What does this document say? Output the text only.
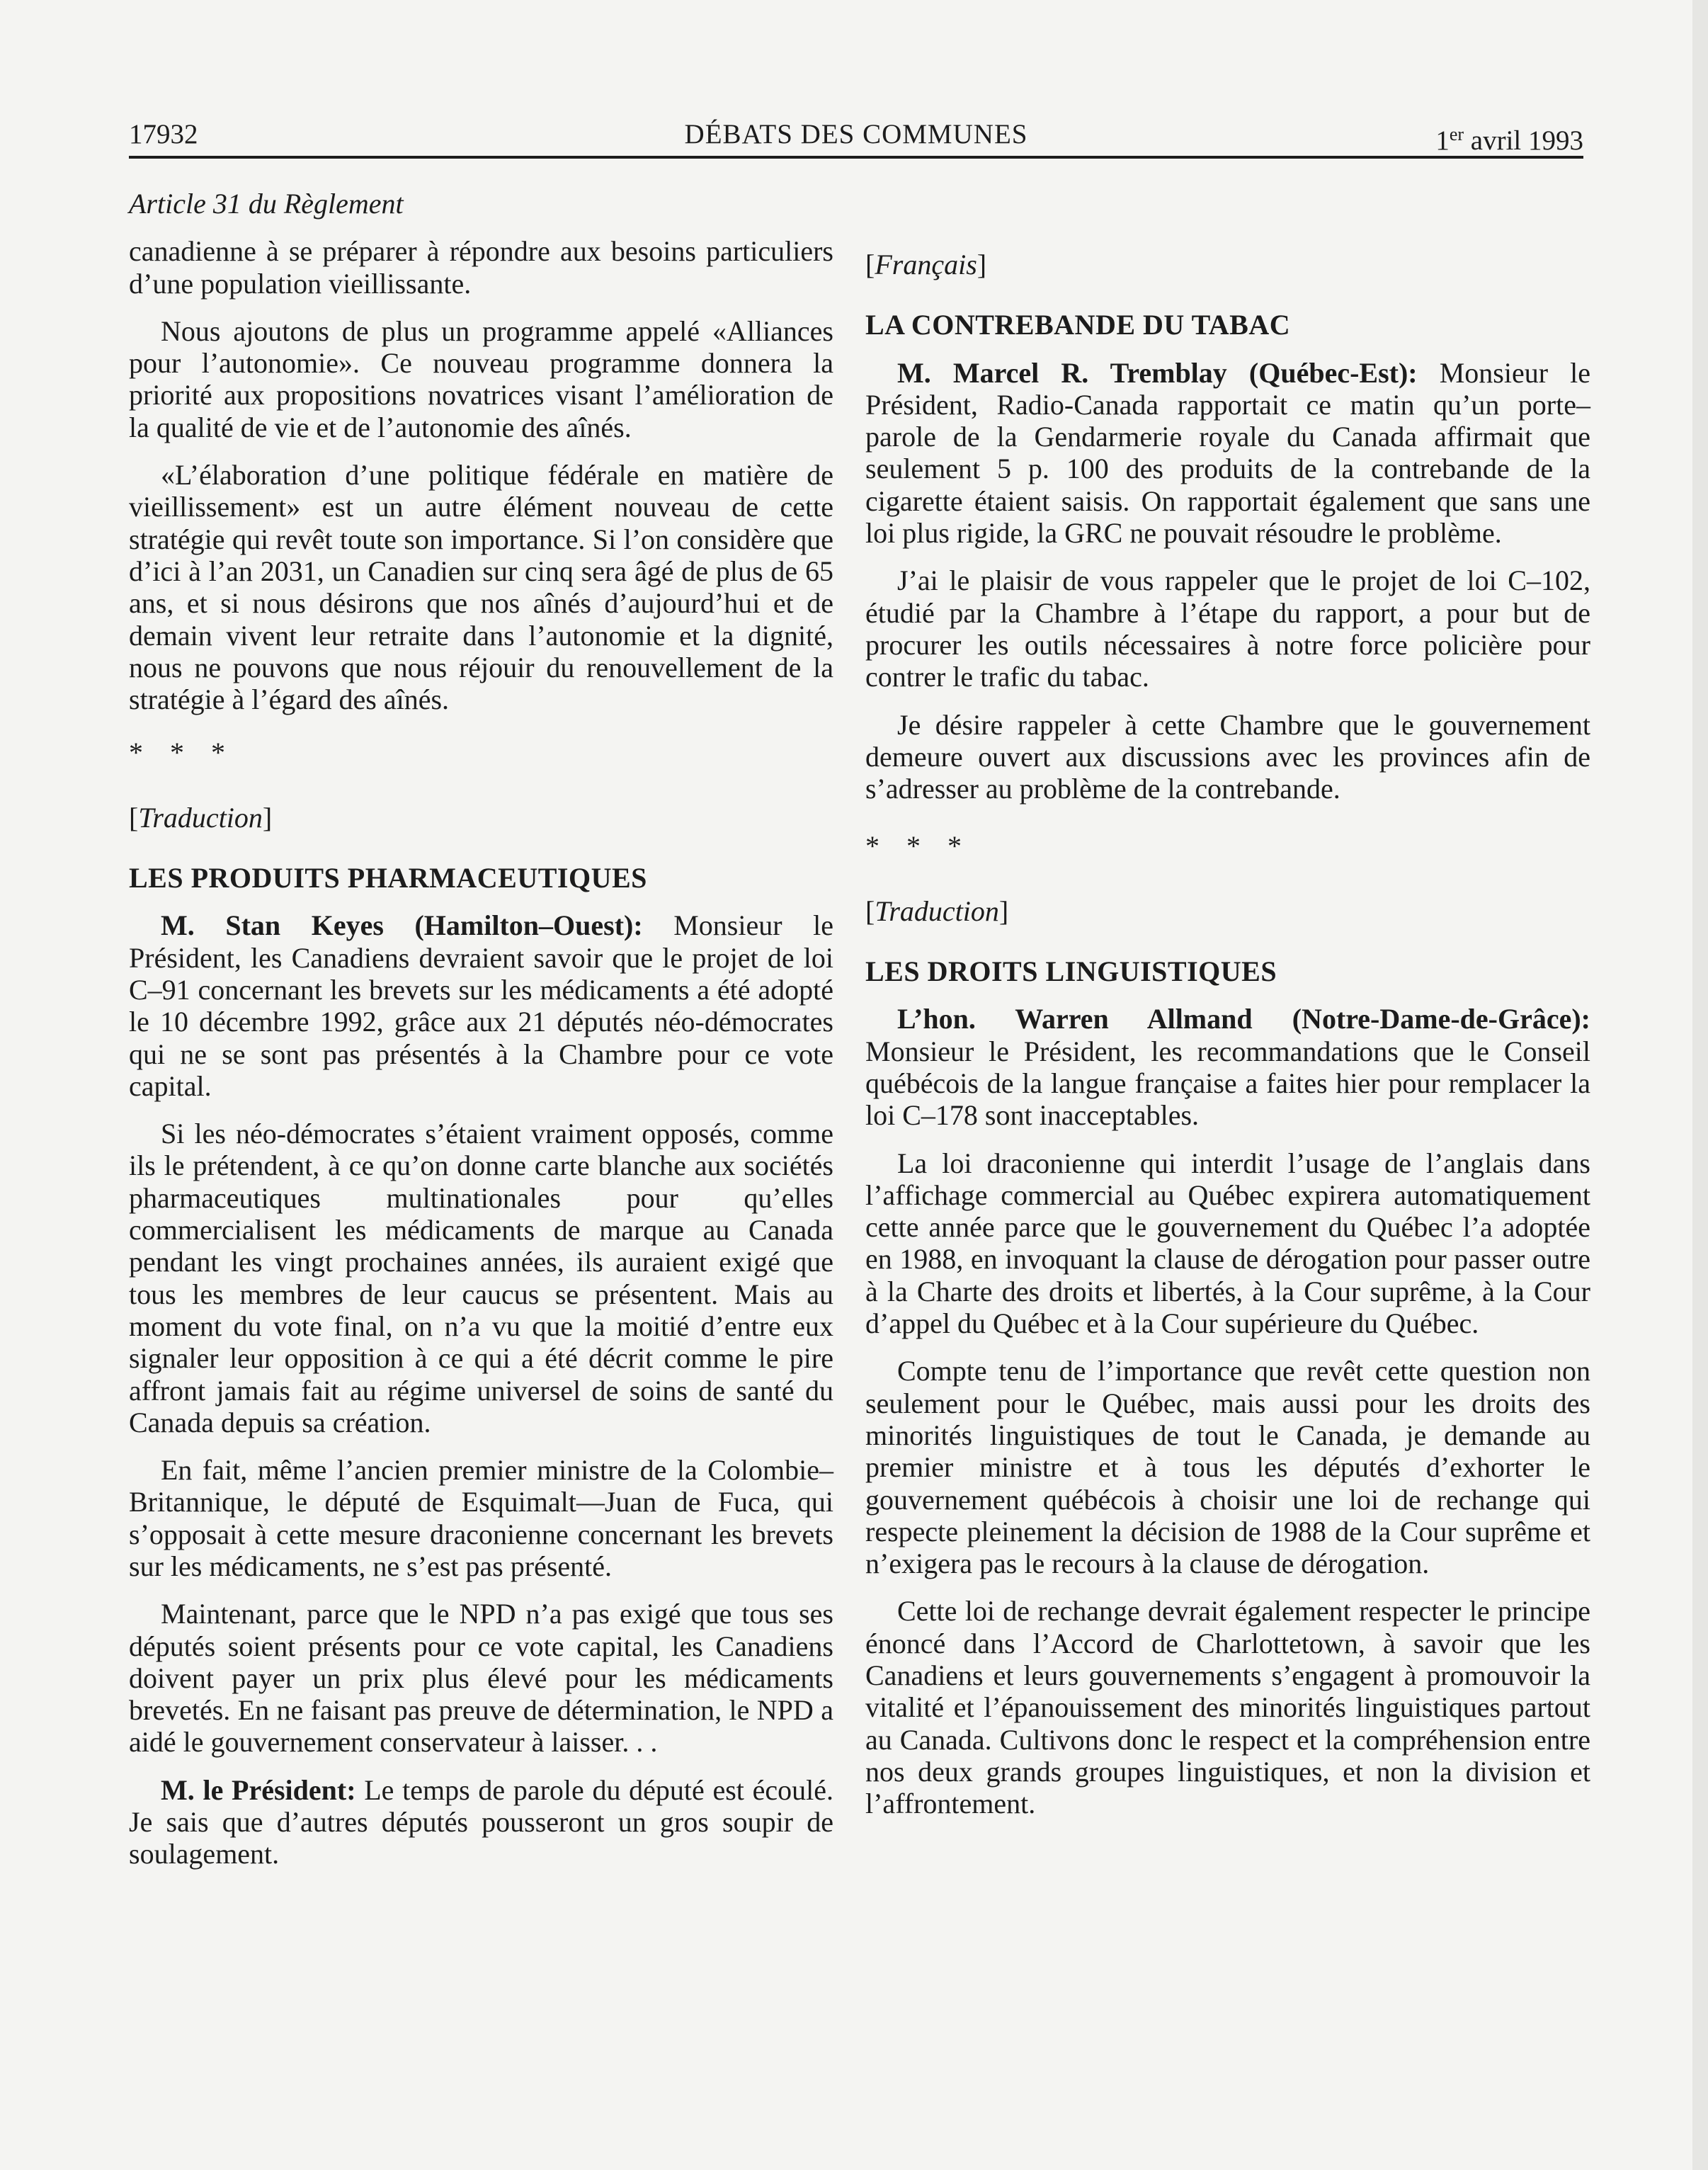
17932	DÉBATS DES COMMUNES	1er avril 1993

Article 31 du Règlement

canadienne à se préparer à répondre aux besoins particuliers d’une population vieillissante.

Nous ajoutons de plus un programme appelé «Alliances pour l’autonomie». Ce nouveau programme donnera la priorité aux propositions novatrices visant l’amélioration de la qualité de vie et de l’autonomie des aînés.

«L’élaboration d’une politique fédérale en matière de vieillissement» est un autre élément nouveau de cette stratégie qui revêt toute son importance. Si l’on considère que d’ici à l’an 2031, un Canadien sur cinq sera âgé de plus de 65 ans, et si nous désirons que nos aînés d’aujourd’hui et de demain vivent leur retraite dans l’autonomie et la dignité, nous ne pouvons que nous réjouir du renouvellement de la stratégie à l’égard des aînés.

* * *

[Traduction]

LES PRODUITS PHARMACEUTIQUES

M. Stan Keyes (Hamilton–Ouest): Monsieur le Président, les Canadiens devraient savoir que le projet de loi C–91 concernant les brevets sur les médicaments a été adopté le 10 décembre 1992, grâce aux 21 députés néo-démocrates qui ne se sont pas présentés à la Chambre pour ce vote capital.

Si les néo-démocrates s’étaient vraiment opposés, comme ils le prétendent, à ce qu’on donne carte blanche aux sociétés pharmaceutiques multinationales pour qu’elles commercialisent les médicaments de marque au Canada pendant les vingt prochaines années, ils auraient exigé que tous les membres de leur caucus se présentent. Mais au moment du vote final, on n’a vu que la moitié d’entre eux signaler leur opposition à ce qui a été décrit comme le pire affront jamais fait au régime universel de soins de santé du Canada depuis sa création.

En fait, même l’ancien premier ministre de la Colombie–Britannique, le député de Esquimalt—Juan de Fuca, qui s’opposait à cette mesure draconienne concernant les brevets sur les médicaments, ne s’est pas présenté.

Maintenant, parce que le NPD n’a pas exigé que tous ses députés soient présents pour ce vote capital, les Canadiens doivent payer un prix plus élevé pour les médicaments brevetés. En ne faisant pas preuve de détermination, le NPD a aidé le gouvernement conservateur à laisser. . .

M. le Président: Le temps de parole du député est écoulé. Je sais que d’autres députés pousseront un gros soupir de soulagement.

[Français]

LA CONTREBANDE DU TABAC

M. Marcel R. Tremblay (Québec-Est): Monsieur le Président, Radio-Canada rapportait ce matin qu’un porte–parole de la Gendarmerie royale du Canada affirmait que seulement 5 p. 100 des produits de la contrebande de la cigarette étaient saisis. On rapportait également que sans une loi plus rigide, la GRC ne pouvait résoudre le problème.

J’ai le plaisir de vous rappeler que le projet de loi C–102, étudié par la Chambre à l’étape du rapport, a pour but de procurer les outils nécessaires à notre force policière pour contrer le trafic du tabac.

Je désire rappeler à cette Chambre que le gouvernement demeure ouvert aux discussions avec les provinces afin de s’adresser au problème de la contrebande.

* * *

[Traduction]

LES DROITS LINGUISTIQUES

L’hon. Warren Allmand (Notre-Dame-de-Grâce): Monsieur le Président, les recommandations que le Conseil québécois de la langue française a faites hier pour remplacer la loi C–178 sont inacceptables.

La loi draconienne qui interdit l’usage de l’anglais dans l’affichage commercial au Québec expirera automatiquement cette année parce que le gouvernement du Québec l’a adoptée en 1988, en invoquant la clause de dérogation pour passer outre à la Charte des droits et libertés, à la Cour suprême, à la Cour d’appel du Québec et à la Cour supérieure du Québec.

Compte tenu de l’importance que revêt cette question non seulement pour le Québec, mais aussi pour les droits des minorités linguistiques de tout le Canada, je demande au premier ministre et à tous les députés d’exhorter le gouvernement québécois à choisir une loi de rechange qui respecte pleinement la décision de 1988 de la Cour suprême et n’exigera pas le recours à la clause de dérogation.

Cette loi de rechange devrait également respecter le principe énoncé dans l’Accord de Charlottetown, à savoir que les Canadiens et leurs gouvernements s’engagent à promouvoir la vitalité et l’épanouissement des minorités linguistiques partout au Canada. Cultivons donc le respect et la compréhension entre nos deux grands groupes linguistiques, et non la division et l’affrontement.
